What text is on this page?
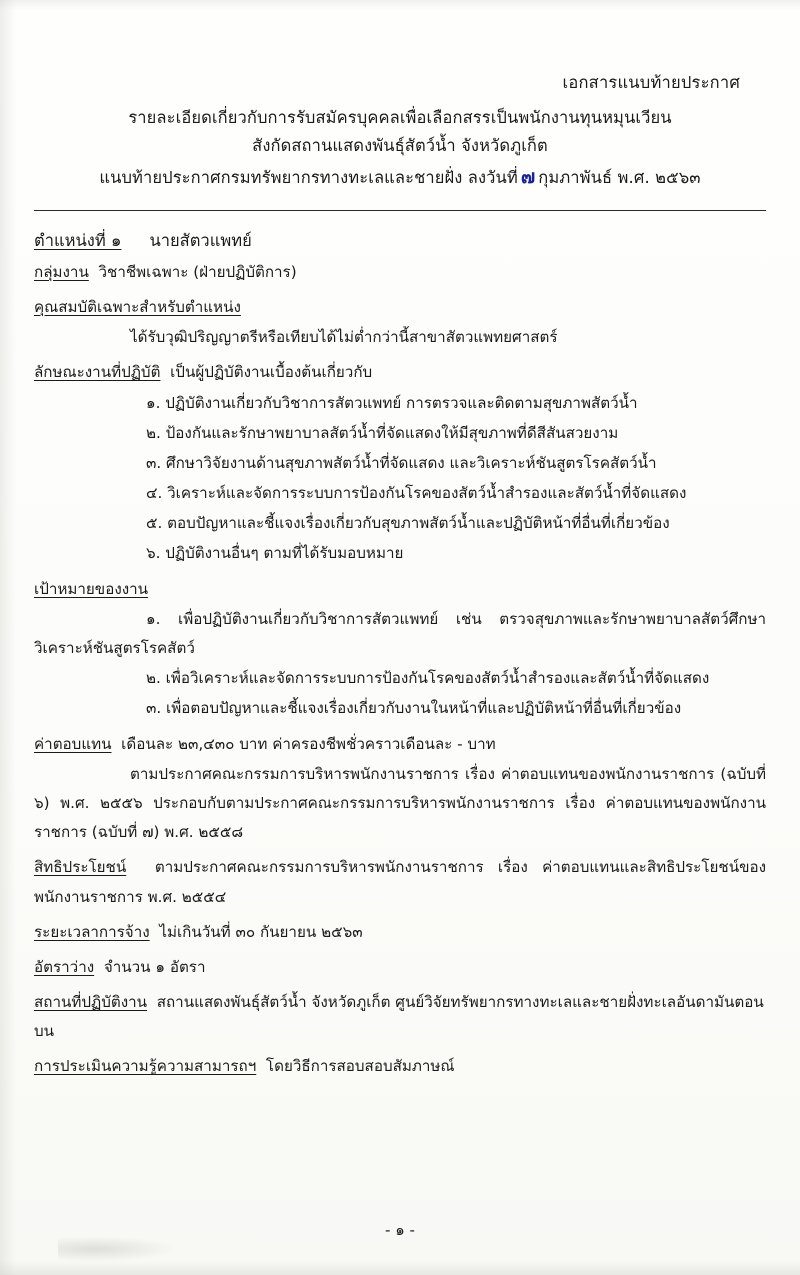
เอกสารแนบท้ายประกาศ
รายละเอียดเกี่ยวกับการรับสมัครบุคคลเพื่อเลือกสรรเป็นพนักงานทุนหมุนเวียน
สังกัดสถานแสดงพันธุ์สัตว์น้ำ จังหวัดภูเก็ต
แนบท้ายประกาศกรมทรัพยากรทางทะเลและชายฝั่ง ลงวันที่ ๗ กุมภาพันธ์ พ.ศ. ๒๕๖๓
ตำแหน่งที่ ๑ นายสัตวแพทย์
กลุ่มงาน วิชาชีพเฉพาะ (ฝ่ายปฏิบัติการ)
คุณสมบัติเฉพาะสำหรับตำแหน่ง
ได้รับวุฒิปริญญาตรีหรือเทียบได้ไม่ต่ำกว่านี้สาขาสัตวแพทยศาสตร์
ลักษณะงานที่ปฏิบัติ เป็นผู้ปฏิบัติงานเบื้องต้นเกี่ยวกับ
๑. ปฏิบัติงานเกี่ยวกับวิชาการสัตวแพทย์ การตรวจและติดตามสุขภาพสัตว์น้ำ
๒. ป้องกันและรักษาพยาบาลสัตว์น้ำที่จัดแสดงให้มีสุขภาพที่ดีสีสันสวยงาม
๓. ศึกษาวิจัยงานด้านสุขภาพสัตว์น้ำที่จัดแสดง และวิเคราะห์ชันสูตรโรคสัตว์น้ำ
๔. วิเคราะห์และจัดการระบบการป้องกันโรคของสัตว์น้ำสำรองและสัตว์น้ำที่จัดแสดง
๕. ตอบปัญหาและชี้แจงเรื่องเกี่ยวกับสุขภาพสัตว์น้ำและปฏิบัติหน้าที่อื่นที่เกี่ยวข้อง
๖. ปฏิบัติงานอื่นๆ ตามที่ได้รับมอบหมาย
เป้าหมายของงาน
๑. เพื่อปฏิบัติงานเกี่ยวกับวิชาการสัตวแพทย์ เช่น ตรวจสุขภาพและรักษาพยาบาลสัตว์ศึกษาวิเคราะห์ชันสูตรโรคสัตว์
๒. เพื่อวิเคราะห์และจัดการระบบการป้องกันโรคของสัตว์น้ำสำรองและสัตว์น้ำที่จัดแสดง
๓. เพื่อตอบปัญหาและชี้แจงเรื่องเกี่ยวกับงานในหน้าที่และปฏิบัติหน้าที่อื่นที่เกี่ยวข้อง
ค่าตอบแทน เดือนละ ๒๓,๔๓๐ บาท ค่าครองชีพชั่วคราวเดือนละ - บาท
ตามประกาศคณะกรรมการบริหารพนักงานราชการ เรื่อง ค่าตอบแทนของพนักงานราชการ (ฉบับที่ ๖) พ.ศ. ๒๕๕๖ ประกอบกับตามประกาศคณะกรรมการบริหารพนักงานราชการ เรื่อง ค่าตอบแทนของพนักงานราชการ (ฉบับที่ ๗) พ.ศ. ๒๕๕๘
สิทธิประโยชน์ ตามประกาศคณะกรรมการบริหารพนักงานราชการ เรื่อง ค่าตอบแทนและสิทธิประโยชน์ของพนักงานราชการ พ.ศ. ๒๕๕๔
ระยะเวลาการจ้าง ไม่เกินวันที่ ๓๐ กันยายน ๒๕๖๓
อัตราว่าง จำนวน ๑ อัตรา
สถานที่ปฏิบัติงาน สถานแสดงพันธุ์สัตว์น้ำ จังหวัดภูเก็ต ศูนย์วิจัยทรัพยากรทางทะเลและชายฝั่งทะเลอันดามันตอนบน
การประเมินความรู้ความสามารถฯ โดยวิธีการสอบสอบสัมภาษณ์
- ๑ -
